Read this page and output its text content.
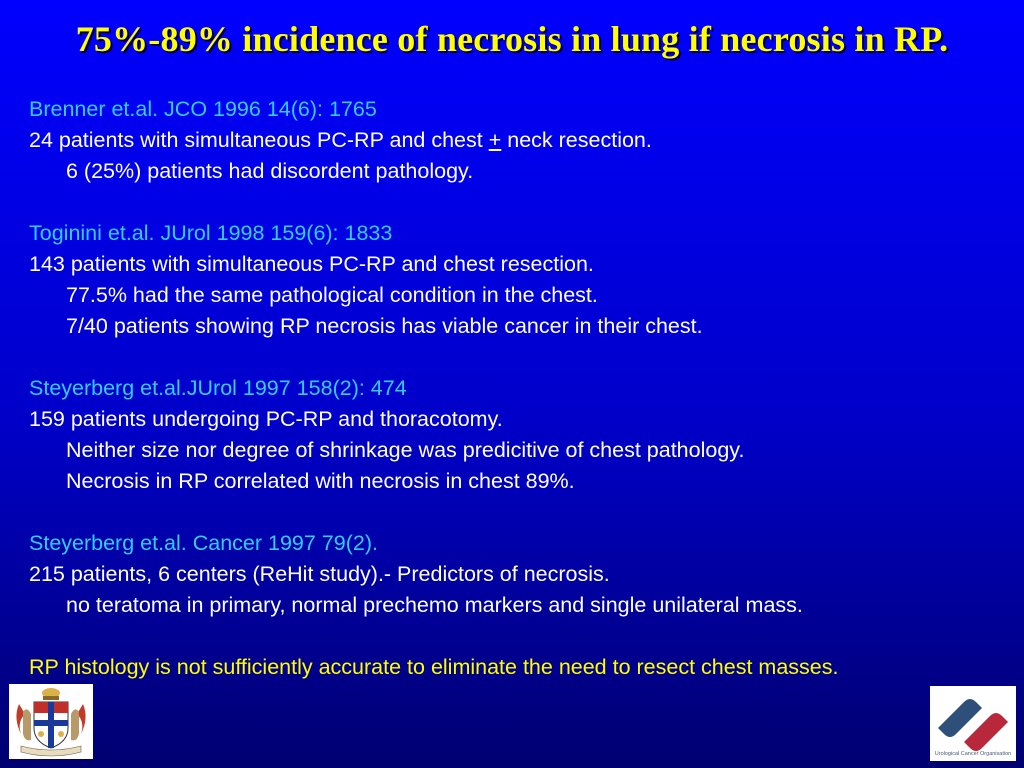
75%-89% incidence of necrosis in lung if necrosis in RP.
Brenner et.al. JCO 1996 14(6): 1765
24 patients with simultaneous PC-RP and chest + neck resection.
6 (25%) patients had discordent pathology.
Toginini et.al. JUrol 1998 159(6): 1833
143 patients with simultaneous PC-RP and chest resection.
77.5% had the same pathological condition in the chest.
7/40 patients showing RP necrosis has viable cancer in their chest.
Steyerberg et.al.JUrol 1997 158(2): 474
159 patients undergoing PC-RP and thoracotomy.
Neither size nor degree of shrinkage was predicitive of chest pathology.
Necrosis in RP correlated with necrosis in chest 89%.
Steyerberg et.al. Cancer 1997 79(2).
215 patients, 6 centers (ReHit study).- Predictors of necrosis.
no teratoma in primary, normal prechemo markers and single unilateral mass.
RP histology is not sufficiently accurate to eliminate the need to resect chest masses.
Urological Cancer Organisation
